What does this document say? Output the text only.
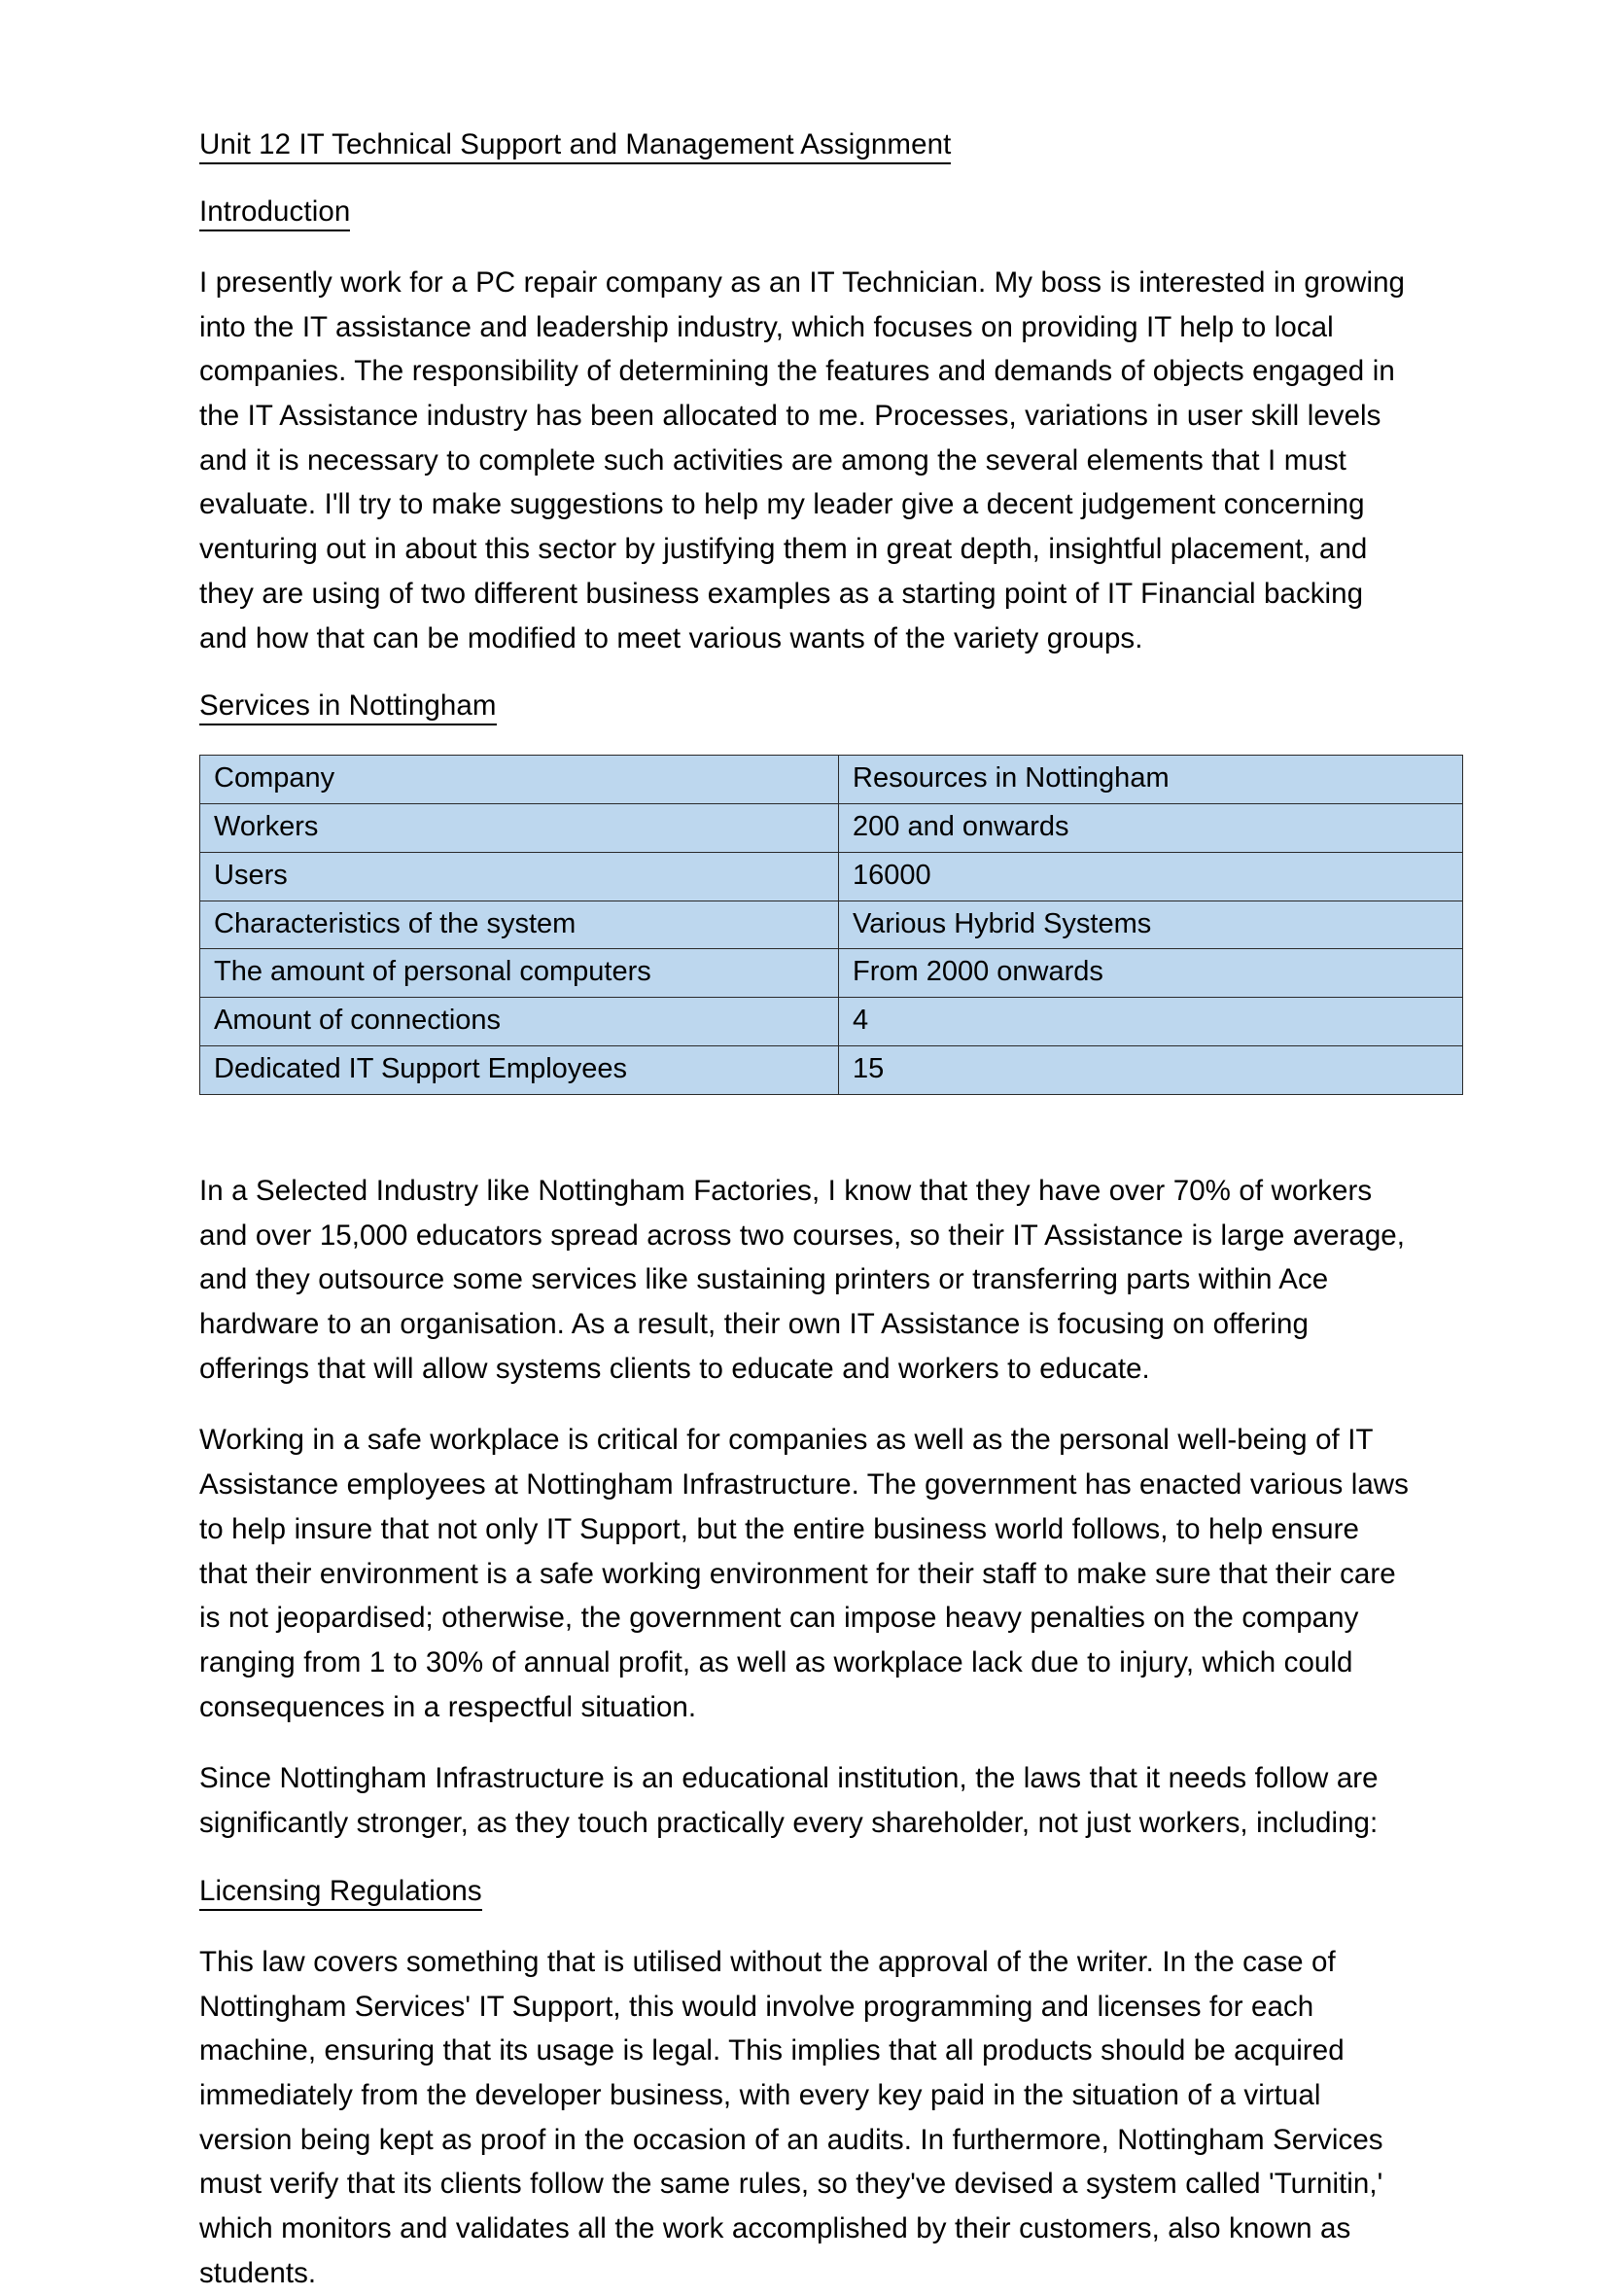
Unit 12 IT Technical Support and Management Assignment
Introduction

I presently work for a PC repair company as an IT Technician. My boss is interested in growing into the IT assistance and leadership industry, which focuses on providing IT help to local companies. The responsibility of determining the features and demands of objects engaged in the IT Assistance industry has been allocated to me. Processes, variations in user skill levels and it is necessary to complete such activities are among the several elements that I must evaluate. I'll try to make suggestions to help my leader give a decent judgement concerning venturing out in about this sector by justifying them in great depth, insightful placement, and they are using of two different business examples as a starting point of IT Financial backing and how that can be modified to meet various wants of the variety groups.

Services in Nottingham
Company	Resources in Nottingham
Workers	200 and onwards
Users	16000
Characteristics of the system	Various Hybrid Systems
The amount of personal computers	From 2000 onwards
Amount of connections	4
Dedicated IT Support Employees	15

In a Selected Industry like Nottingham Factories, I know that they have over 70% of workers and over 15,000 educators spread across two courses, so their IT Assistance is large average, and they outsource some services like sustaining printers or transferring parts within Ace hardware to an organisation. As a result, their own IT Assistance is focusing on offering offerings that will allow systems clients to educate and workers to educate.

Working in a safe workplace is critical for companies as well as the personal well-being of IT Assistance employees at Nottingham Infrastructure. The government has enacted various laws to help insure that not only IT Support, but the entire business world follows, to help ensure that their environment is a safe working environment for their staff to make sure that their care is not jeopardised; otherwise, the government can impose heavy penalties on the company ranging from 1 to 30% of annual profit, as well as workplace lack due to injury, which could consequences in a respectful situation.

Since Nottingham Infrastructure is an educational institution, the laws that it needs follow are significantly stronger, as they touch practically every shareholder, not just workers, including:

Licensing Regulations

This law covers something that is utilised without the approval of the writer. In the case of Nottingham Services' IT Support, this would involve programming and licenses for each machine, ensuring that its usage is legal. This implies that all products should be acquired immediately from the developer business, with every key paid in the situation of a virtual version being kept as proof in the occasion of an audits. In furthermore, Nottingham Services must verify that its clients follow the same rules, so they've devised a system called 'Turnitin,' which monitors and validates all the work accomplished by their customers, also known as students.
